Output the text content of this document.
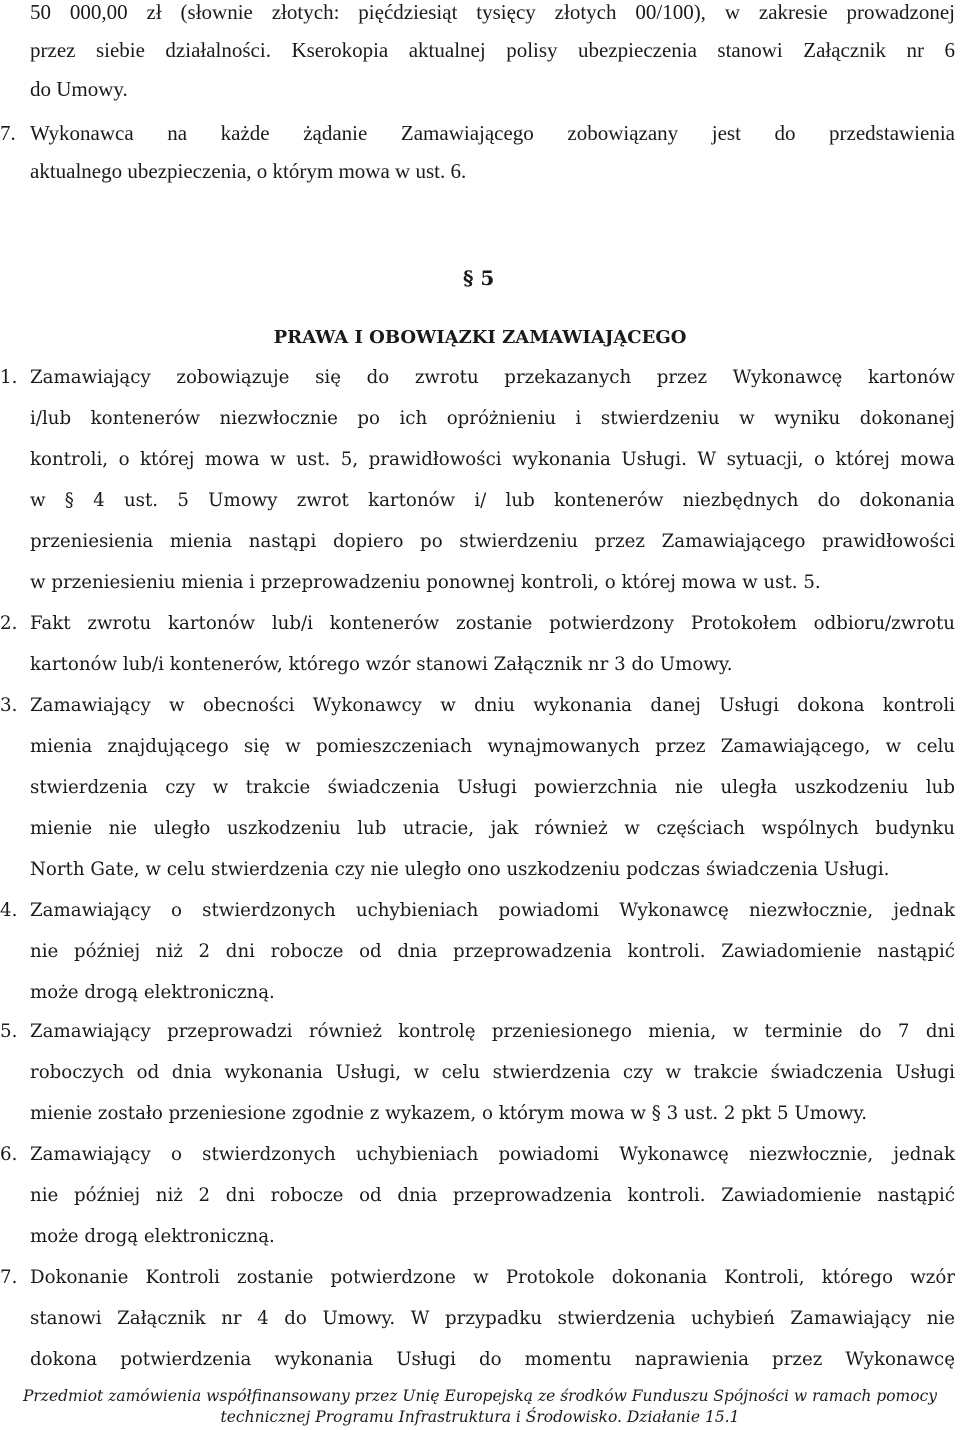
50 000,00 zł (słownie złotych: pięćdziesiąt tysięcy złotych 00/100), w zakresie prowadzonej
przez siebie działalności. Kserokopia aktualnej polisy ubezpieczenia stanowi Załącznik nr 6
do Umowy.
7. Wykonawca na każde żądanie Zamawiającego zobowiązany jest do przedstawienia
aktualnego ubezpieczenia, o którym mowa w ust. 6.
§ 5
PRAWA I OBOWIĄZKI ZAMAWIAJĄCEGO
1. Zamawiający zobowiązuje się do zwrotu przekazanych przez Wykonawcę kartonów
i/lub kontenerów niezwłocznie po ich opróżnieniu i stwierdzeniu w wyniku dokonanej
kontroli, o której mowa w ust. 5, prawidłowości wykonania Usługi. W sytuacji, o której mowa
w § 4 ust. 5 Umowy zwrot kartonów i/ lub kontenerów niezbędnych do dokonania
przeniesienia mienia nastąpi dopiero po stwierdzeniu przez Zamawiającego prawidłowości
w przeniesieniu mienia i przeprowadzeniu ponownej kontroli, o której mowa w ust. 5.
2. Fakt zwrotu kartonów lub/i kontenerów zostanie potwierdzony Protokołem odbioru/zwrotu
kartonów lub/i kontenerów, którego wzór stanowi Załącznik nr 3 do Umowy.
3. Zamawiający w obecności Wykonawcy w dniu wykonania danej Usługi dokona kontroli
mienia znajdującego się w pomieszczeniach wynajmowanych przez Zamawiającego, w celu
stwierdzenia czy w trakcie świadczenia Usługi powierzchnia nie uległa uszkodzeniu lub
mienie nie uległo uszkodzeniu lub utracie, jak również w częściach wspólnych budynku
North Gate, w celu stwierdzenia czy nie uległo ono uszkodzeniu podczas świadczenia Usługi.
4. Zamawiający o stwierdzonych uchybieniach powiadomi Wykonawcę niezwłocznie, jednak
nie później niż 2 dni robocze od dnia przeprowadzenia kontroli. Zawiadomienie nastąpić
może drogą elektroniczną.
5. Zamawiający przeprowadzi również kontrolę przeniesionego mienia, w terminie do 7 dni
roboczych od dnia wykonania Usługi, w celu stwierdzenia czy w trakcie świadczenia Usługi
mienie zostało przeniesione zgodnie z wykazem, o którym mowa w § 3 ust. 2 pkt 5 Umowy.
6. Zamawiający o stwierdzonych uchybieniach powiadomi Wykonawcę niezwłocznie, jednak
nie później niż 2 dni robocze od dnia przeprowadzenia kontroli. Zawiadomienie nastąpić
może drogą elektroniczną.
7. Dokonanie Kontroli zostanie potwierdzone w Protokole dokonania Kontroli, którego wzór
stanowi Załącznik nr 4 do Umowy. W przypadku stwierdzenia uchybień Zamawiający nie
dokona potwierdzenia wykonania Usługi do momentu naprawienia przez Wykonawcę
Przedmiot zamówienia współfinansowany przez Unię Europejską ze środków Funduszu Spójności w ramach pomocy
technicznej Programu Infrastruktura i Środowisko. Działanie 15.1
